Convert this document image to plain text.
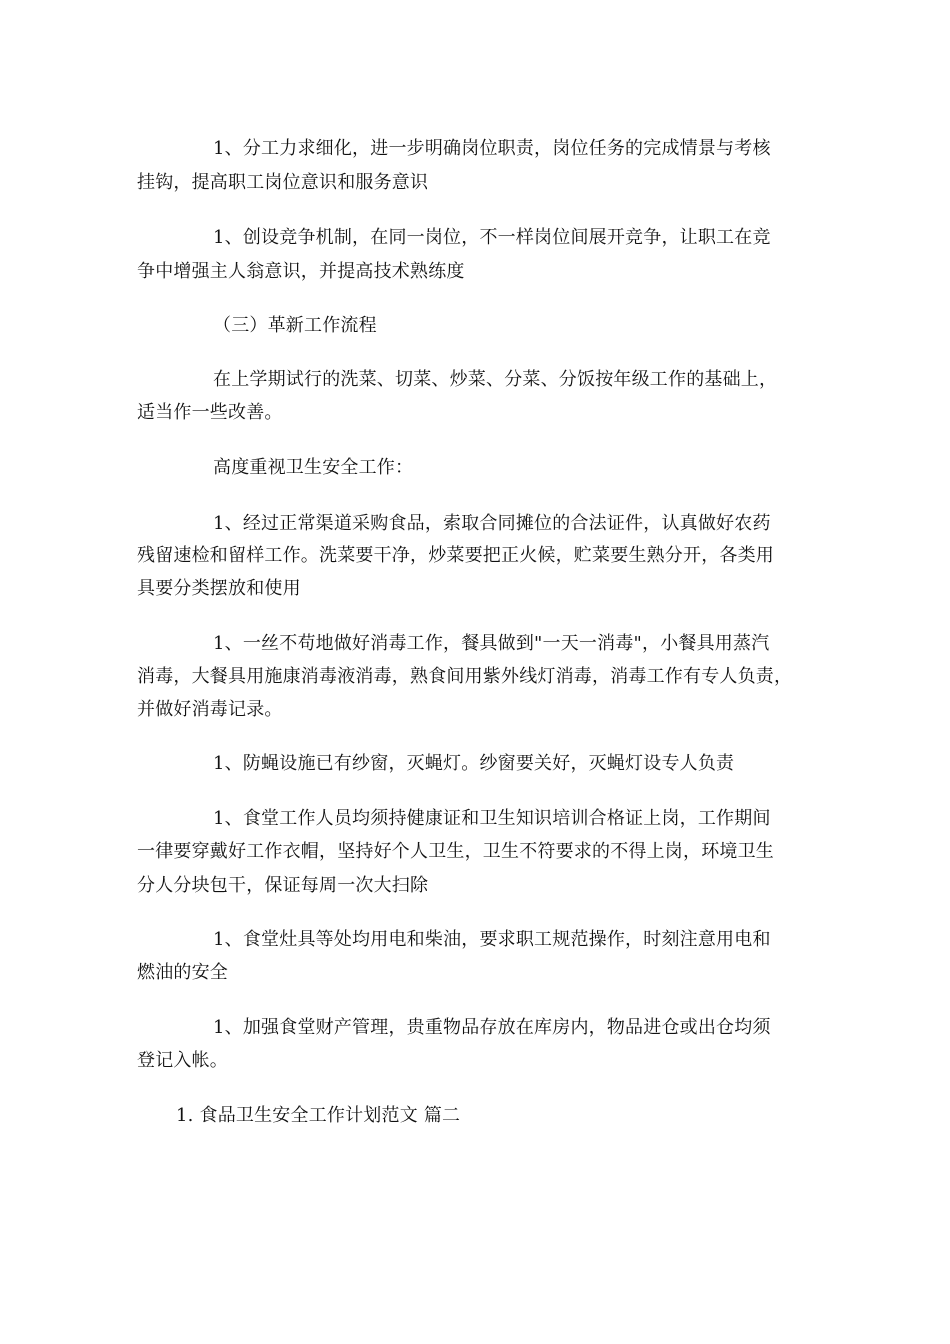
1、分工力求细化，进一步明确岗位职责，岗位任务的完成情景与考核
挂钩，提高职工岗位意识和服务意识
1、创设竞争机制，在同一岗位，不一样岗位间展开竞争，让职工在竞
争中增强主人翁意识，并提高技术熟练度
（三）革新工作流程
在上学期试行的洗菜、切菜、炒菜、分菜、分饭按年级工作的基础上，
适当作一些改善。
高度重视卫生安全工作：
1、经过正常渠道采购食品，索取合同摊位的合法证件，认真做好农药
残留速检和留样工作。洗菜要干净，炒菜要把正火候，贮菜要生熟分开，各类用
具要分类摆放和使用
1、一丝不苟地做好消毒工作，餐具做到"一天一消毒"，小餐具用蒸汽
消毒，大餐具用施康消毒液消毒，熟食间用紫外线灯消毒，消毒工作有专人负责，
并做好消毒记录。
1、防蝇设施已有纱窗，灭蝇灯。纱窗要关好，灭蝇灯设专人负责
1、食堂工作人员均须持健康证和卫生知识培训合格证上岗，工作期间
一律要穿戴好工作衣帽，坚持好个人卫生，卫生不符要求的不得上岗，环境卫生
分人分块包干，保证每周一次大扫除
1、食堂灶具等处均用电和柴油，要求职工规范操作，时刻注意用电和
燃油的安全
1、加强食堂财产管理，贵重物品存放在库房内，物品进仓或出仓均须
登记入帐。
1. 食品卫生安全工作计划范文 篇二
